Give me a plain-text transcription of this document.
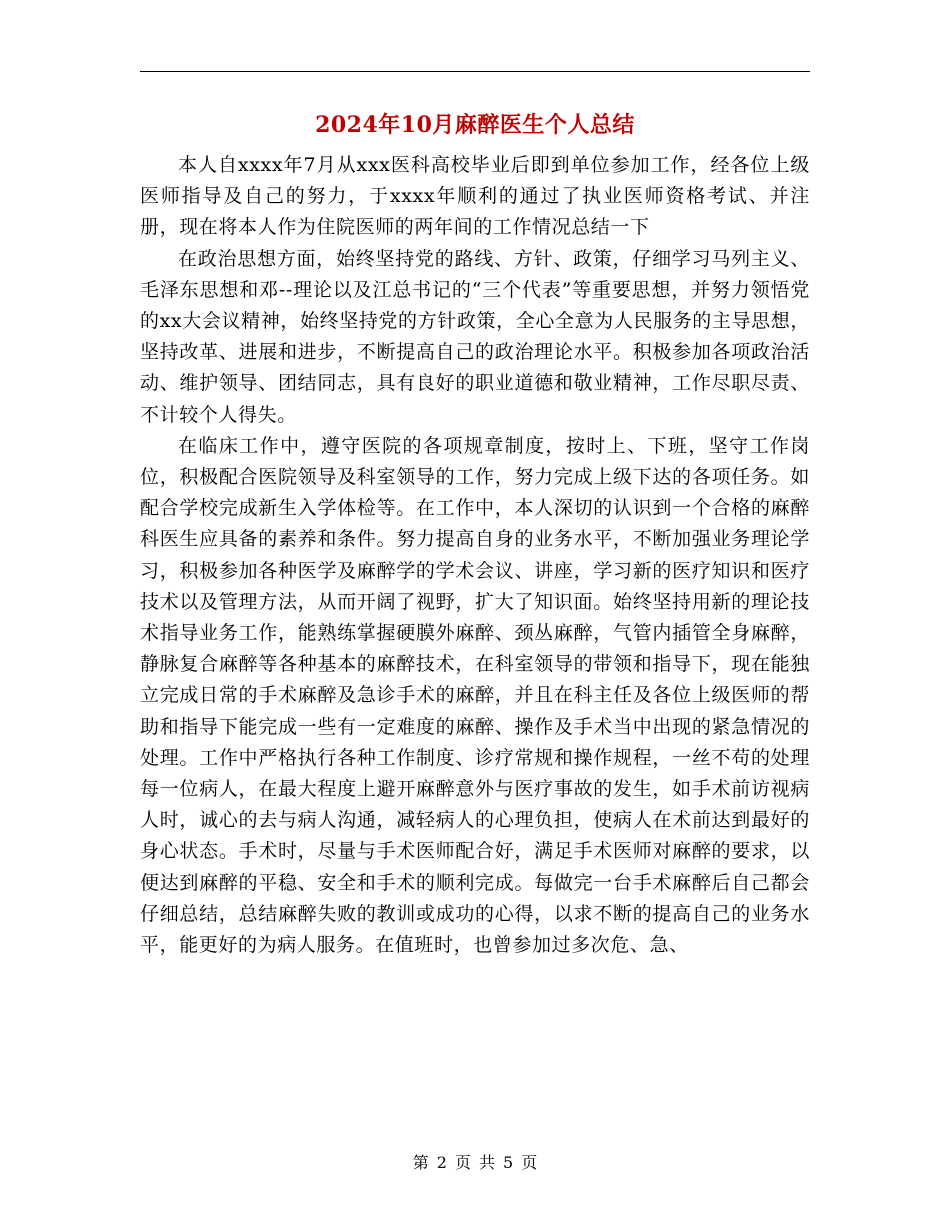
2024年10月麻醉医生个人总结

本人自xxxx年7月从xxx医科高校毕业后即到单位参加工作，经各位上级医师指导及自己的努力，于xxxx年顺利的通过了执业医师资格考试、并注册，现在将本人作为住院医师的两年间的工作情况总结一下

在政治思想方面，始终坚持党的路线、方针、政策，仔细学习马列主义、毛泽东思想和邓--理论以及江总书记的“三个代表”等重要思想，并努力领悟党的xx大会议精神，始终坚持党的方针政策，全心全意为人民服务的主导思想，坚持改革、进展和进步，不断提高自己的政治理论水平。积极参加各项政治活动、维护领导、团结同志，具有良好的职业道德和敬业精神，工作尽职尽责、不计较个人得失。

在临床工作中，遵守医院的各项规章制度，按时上、下班，坚守工作岗位，积极配合医院领导及科室领导的工作，努力完成上级下达的各项任务。如配合学校完成新生入学体检等。在工作中，本人深切的认识到一个合格的麻醉科医生应具备的素养和条件。努力提高自身的业务水平，不断加强业务理论学习，积极参加各种医学及麻醉学的学术会议、讲座，学习新的医疗知识和医疗技术以及管理方法，从而开阔了视野，扩大了知识面。始终坚持用新的理论技术指导业务工作，能熟练掌握硬膜外麻醉、颈丛麻醉，气管内插管全身麻醉，静脉复合麻醉等各种基本的麻醉技术，在科室领导的带领和指导下，现在能独立完成日常的手术麻醉及急诊手术的麻醉，并且在科主任及各位上级医师的帮助和指导下能完成一些有一定难度的麻醉、操作及手术当中出现的紧急情况的处理。工作中严格执行各种工作制度、诊疗常规和操作规程，一丝不苟的处理每一位病人，在最大程度上避开麻醉意外与医疗事故的发生，如手术前访视病人时，诚心的去与病人沟通，减轻病人的心理负担，使病人在术前达到最好的身心状态。手术时，尽量与手术医师配合好，满足手术医师对麻醉的要求，以便达到麻醉的平稳、安全和手术的顺利完成。每做完一台手术麻醉后自己都会仔细总结，总结麻醉失败的教训或成功的心得，以求不断的提高自己的业务水平，能更好的为病人服务。在值班时，也曾参加过多次危、急、

第 2 页 共 5 页
